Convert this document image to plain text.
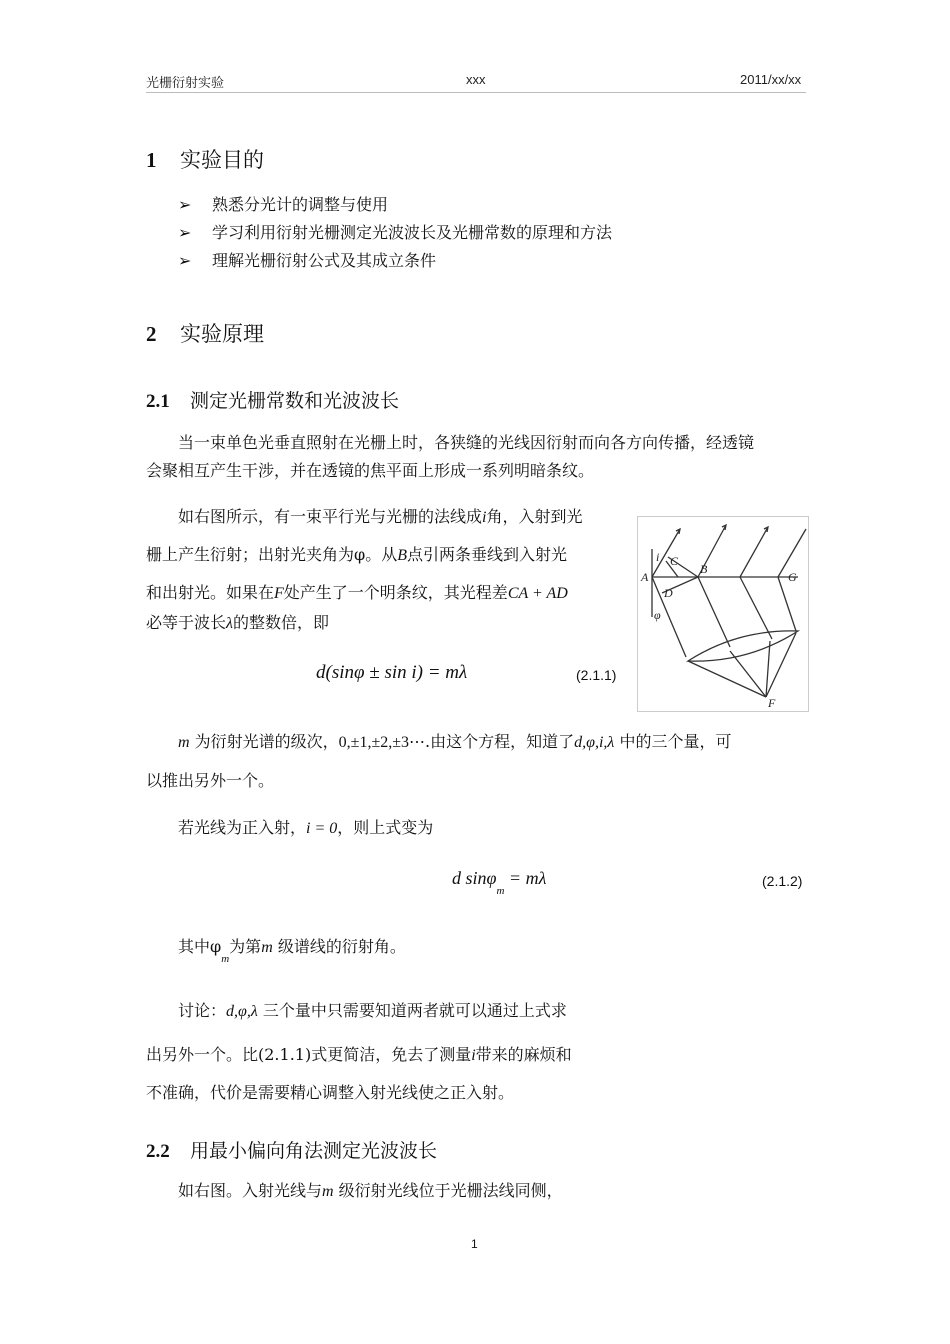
光栅衍射实验	xxx	2011/xx/xx
1 实验目的
➢ 熟悉分光计的调整与使用
➢ 学习利用衍射光栅测定光波波长及光栅常数的原理和方法
➢ 理解光栅衍射公式及其成立条件
2 实验原理
2.1 测定光栅常数和光波波长
当一束单色光垂直照射在光栅上时，各狭缝的光线因衍射而向各方向传播，经透镜
会聚相互产生干涉，并在透镜的焦平面上形成一系列明暗条纹。
如右图所示，有一束平行光与光栅的法线成i角，入射到光
栅上产生衍射；出射光夹角为φ。从B点引两条垂线到入射光
和出射光。如果在F处产生了一个明条纹，其光程差CA + AD
必等于波长λ的整数倍，即
d(sinφ ± sin i) = mλ	(2.1.1)
A
B
C
D
G
F
i
φ
m 为衍射光谱的级次，0,±1,±2,±3⋯.由这个方程，知道了d,φ,i,λ 中的三个量，可
以推出另外一个。
若光线为正入射，i = 0，则上式变为
d sinφ$_m$ = mλ	(2.1.2)
其中$\varphi_m$为第m 级谱线的衍射角。
讨论：d,φ,λ 三个量中只需要知道两者就可以通过上式求
出另外一个。比(2.1.1)式更简洁，免去了测量i带来的麻烦和
不准确，代价是需要精心调整入射光线使之正入射。
2.2 用最小偏向角法测定光波波长
如右图。入射光线与m 级衍射光线位于光栅法线同侧，
1
